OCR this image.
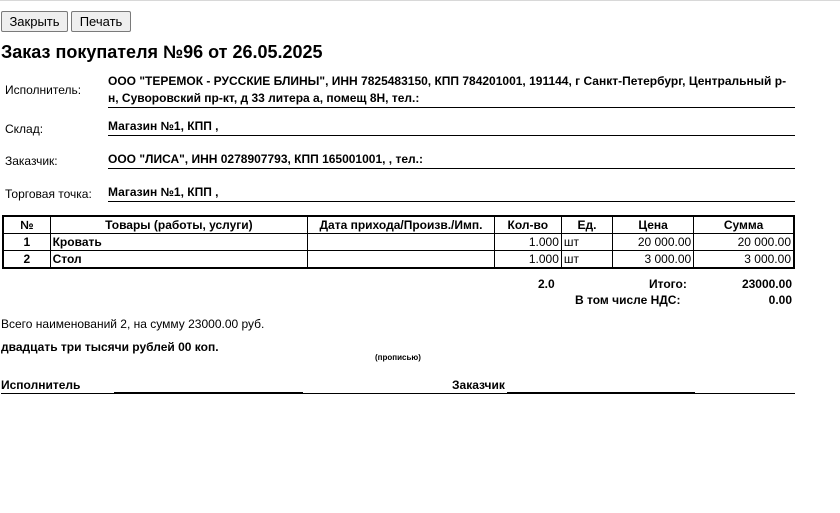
Закрыть	Печать
Заказ покупателя №96 от 26.05.2025
Исполнитель:
ООО "ТЕРЕМОК - РУССКИЕ БЛИНЫ", ИНН 7825483150, КПП 784201001, 191144, г Санкт-Петербург, Центральный р-н, Суворовский пр-кт, д 33 литера а, помещ 8Н, тел.:
Склад:	Магазин №1, КПП ,
Заказчик:	ООО "ЛИСА", ИНН 0278907793, КПП 165001001, , тел.:
Торговая точка: Магазин №1, КПП ,
№	Товары (работы, услуги)	Дата прихода/Произв./Имп.	Кол-во	Ед.	Цена	Сумма
1	Кровать		1.000	шт	20 000.00	20 000.00
2	Стол		1.000	шт	3 000.00	3 000.00
2.0	Итого:	23000.00
В том числе НДС:	0.00
Всего наименований 2, на сумму 23000.00 руб.
двадцать три тысячи рублей 00 коп.
(прописью)
Исполнитель	Заказчик
